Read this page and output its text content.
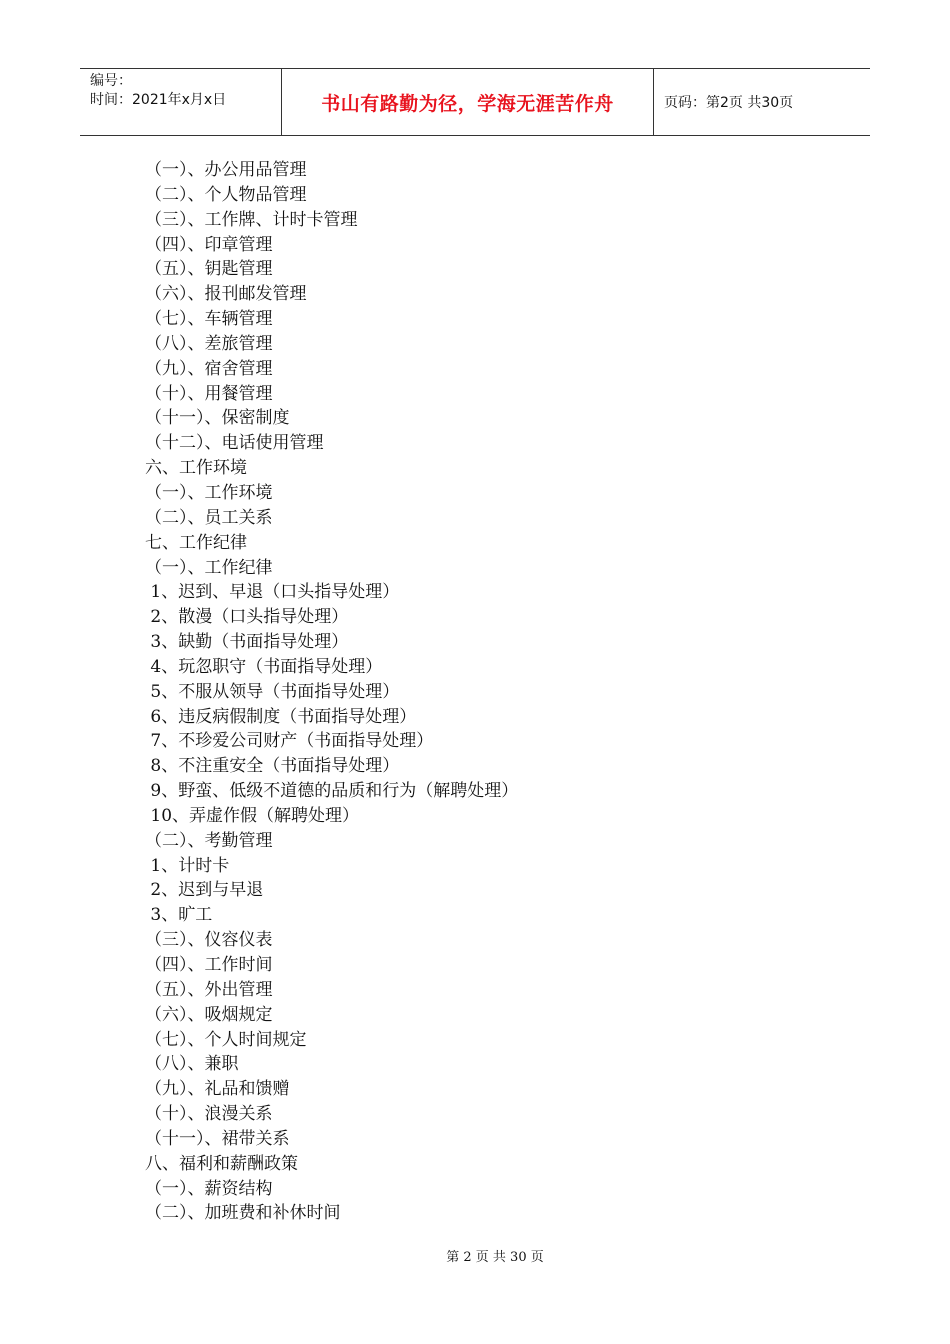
编号：
时间：2021年x月x日	书山有路勤为径，学海无涯苦作舟	页码：第2页 共30页
（一）、办公用品管理
（二）、个人物品管理
（三）、工作牌、计时卡管理
（四）、印章管理
（五）、钥匙管理
（六）、报刊邮发管理
（七）、车辆管理
（八）、差旅管理
（九）、宿舍管理
（十）、用餐管理
（十一）、保密制度
（十二）、电话使用管理
六、工作环境
（一）、工作环境
（二）、员工关系
七、工作纪律
（一）、工作纪律
1、迟到、早退（口头指导处理）
2、散漫（口头指导处理）
3、缺勤（书面指导处理）
4、玩忽职守（书面指导处理）
5、不服从领导（书面指导处理）
6、违反病假制度（书面指导处理）
7、不珍爱公司财产（书面指导处理）
8、不注重安全（书面指导处理）
9、野蛮、低级不道德的品质和行为（解聘处理）
10、弄虚作假（解聘处理）
（二）、考勤管理
1、计时卡
2、迟到与早退
3、旷工
（三）、仪容仪表
（四）、工作时间
（五）、外出管理
（六）、吸烟规定
（七）、个人时间规定
（八）、兼职
（九）、礼品和馈赠
（十）、浪漫关系
（十一）、裙带关系
八、福利和薪酬政策
（一）、薪资结构
（二）、加班费和补休时间
第 2 页 共 30 页
